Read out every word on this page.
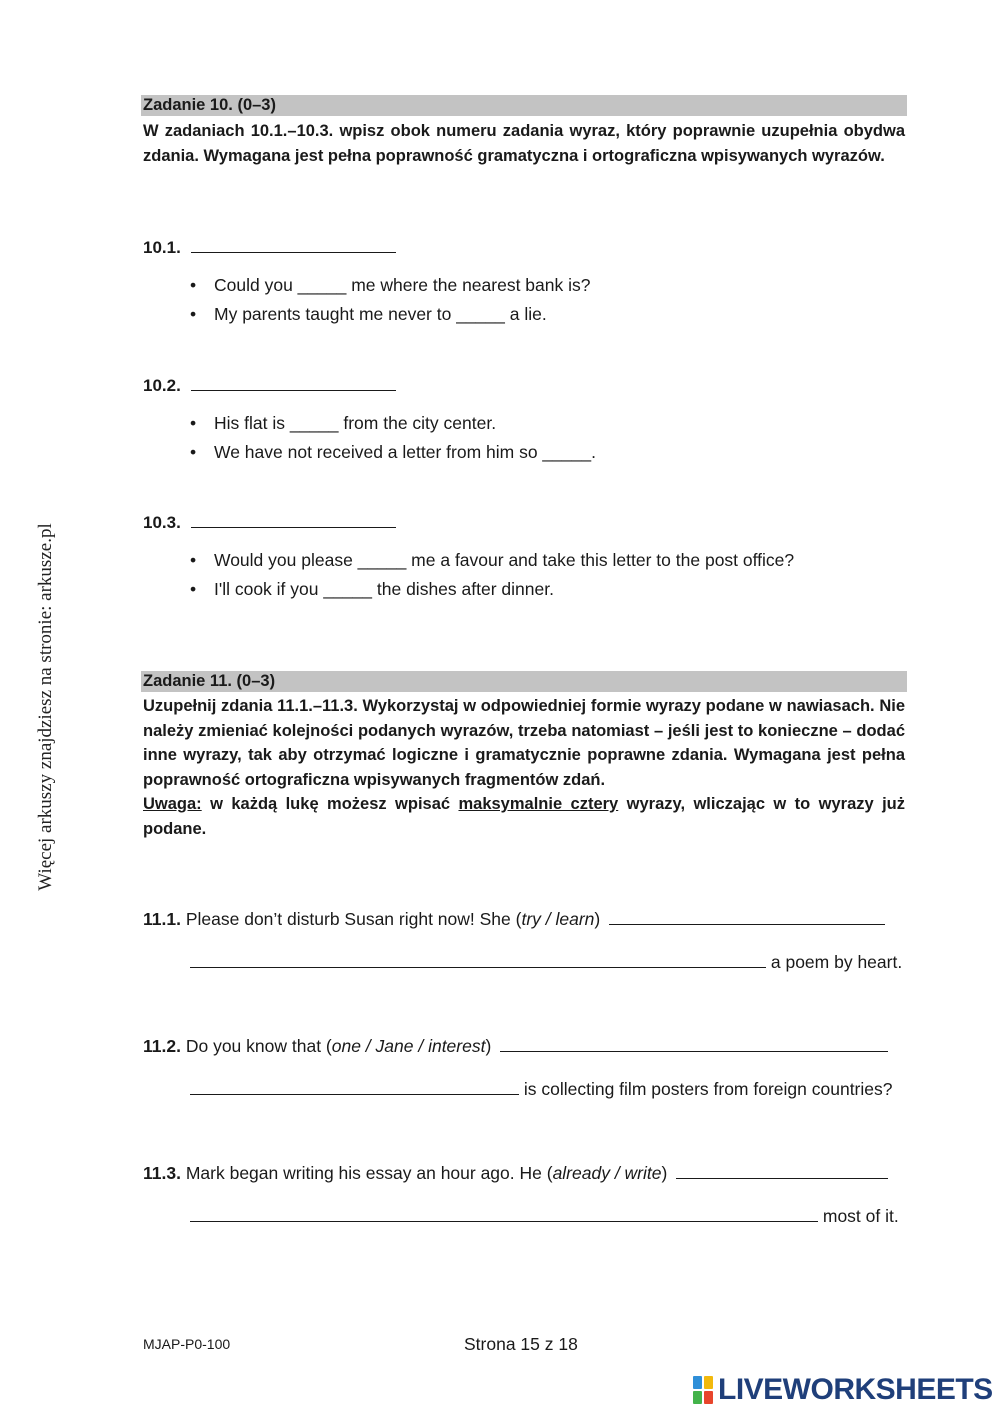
Więcej arkuszy znajdziesz na stronie: arkusze.pl
Zadanie 10. (0–3)

W zadaniach 10.1.–10.3. wpisz obok numeru zadania wyraz, który poprawnie uzupełnia obydwa zdania. Wymagana jest pełna poprawność gramatyczna i ortograficzna wpisywanych wyrazów.

10.1.
• Could you _____ me where the nearest bank is?
• My parents taught me never to _____ a lie.
10.2.
• His flat is _____ from the city center.
• We have not received a letter from him so _____.
10.3.
• Would you please _____ me a favour and take this letter to the post office?
• I'll cook if you _____ the dishes after dinner.
Zadanie 11. (0–3)

Uzupełnij zdania 11.1.–11.3. Wykorzystaj w odpowiedniej formie wyrazy podane w nawiasach. Nie należy zmieniać kolejności podanych wyrazów, trzeba natomiast – jeśli jest to konieczne – dodać inne wyrazy, tak aby otrzymać logiczne i gramatycznie poprawne zdania. Wymagana jest pełna poprawność ortograficzna wpisywanych fragmentów zdań.

Uwaga: w każdą lukę możesz wpisać maksymalnie cztery wyrazy, wliczając w to wyrazy już podane.

11.1. Please don’t disturb Susan right now! She (try / learn)
a poem by heart.
11.2. Do you know that (one / Jane / interest)
is collecting film posters from foreign countries?
11.3. Mark began writing his essay an hour ago. He (already / write)
most of it.
MJAP-P0-100	Strona 15 z 18
LIVEWORKSHEETS
